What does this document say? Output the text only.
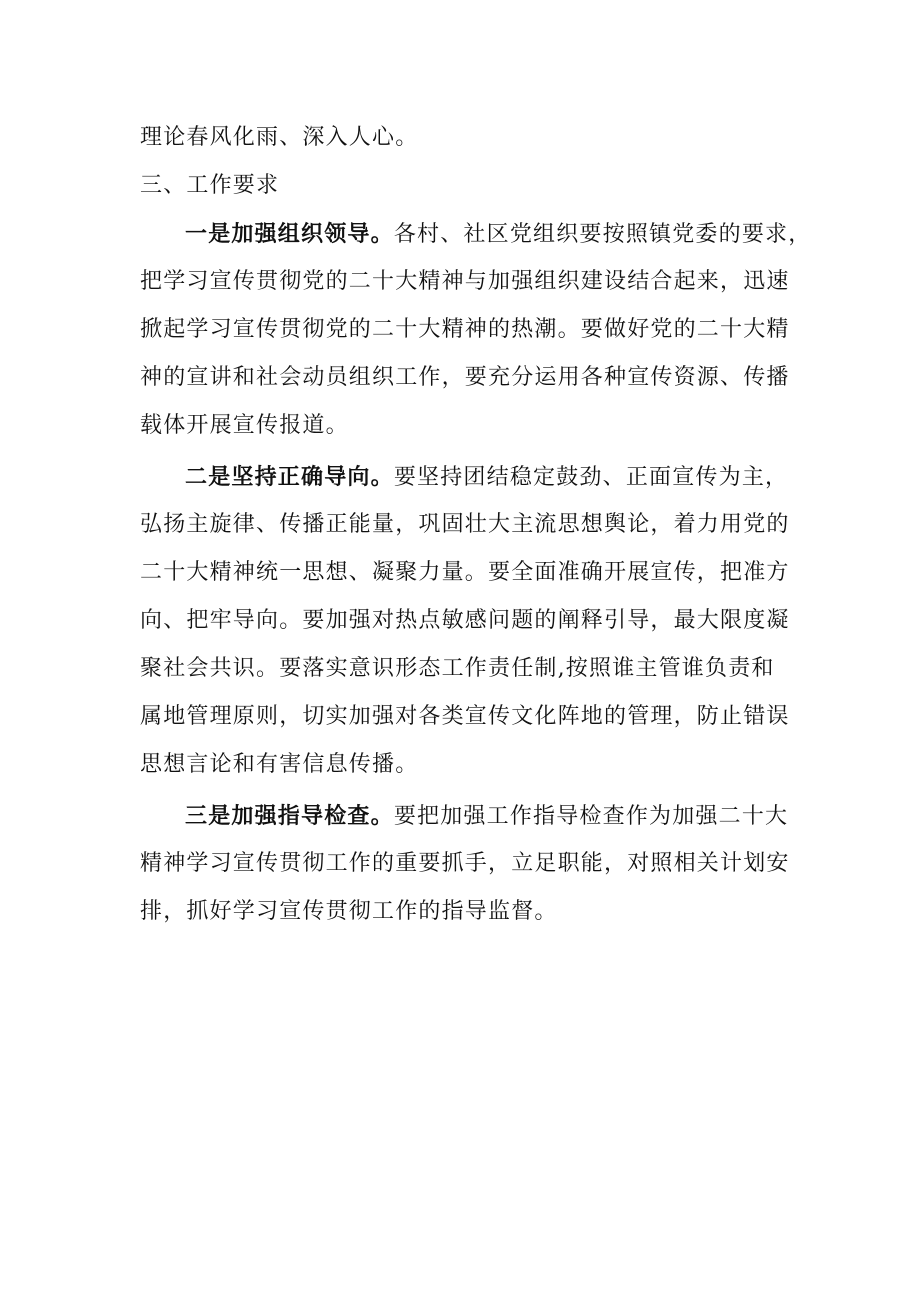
理论春风化雨、深入人心。
三、工作要求
一是加强组织领导。各村、社区党组织要按照镇党委的要求，
把学习宣传贯彻党的二十大精神与加强组织建设结合起来，迅速
掀起学习宣传贯彻党的二十大精神的热潮。要做好党的二十大精
神的宣讲和社会动员组织工作，要充分运用各种宣传资源、传播
载体开展宣传报道。
二是坚持正确导向。要坚持团结稳定鼓劲、正面宣传为主，
弘扬主旋律、传播正能量，巩固壮大主流思想舆论，着力用党的
二十大精神统一思想、凝聚力量。要全面准确开展宣传，把准方
向、把牢导向。要加强对热点敏感问题的阐释引导，最大限度凝
聚社会共识。要落实意识形态工作责任制,按照谁主管谁负责和
属地管理原则，切实加强对各类宣传文化阵地的管理，防止错误
思想言论和有害信息传播。
三是加强指导检查。要把加强工作指导检查作为加强二十大
精神学习宣传贯彻工作的重要抓手，立足职能，对照相关计划安
排，抓好学习宣传贯彻工作的指导监督。
